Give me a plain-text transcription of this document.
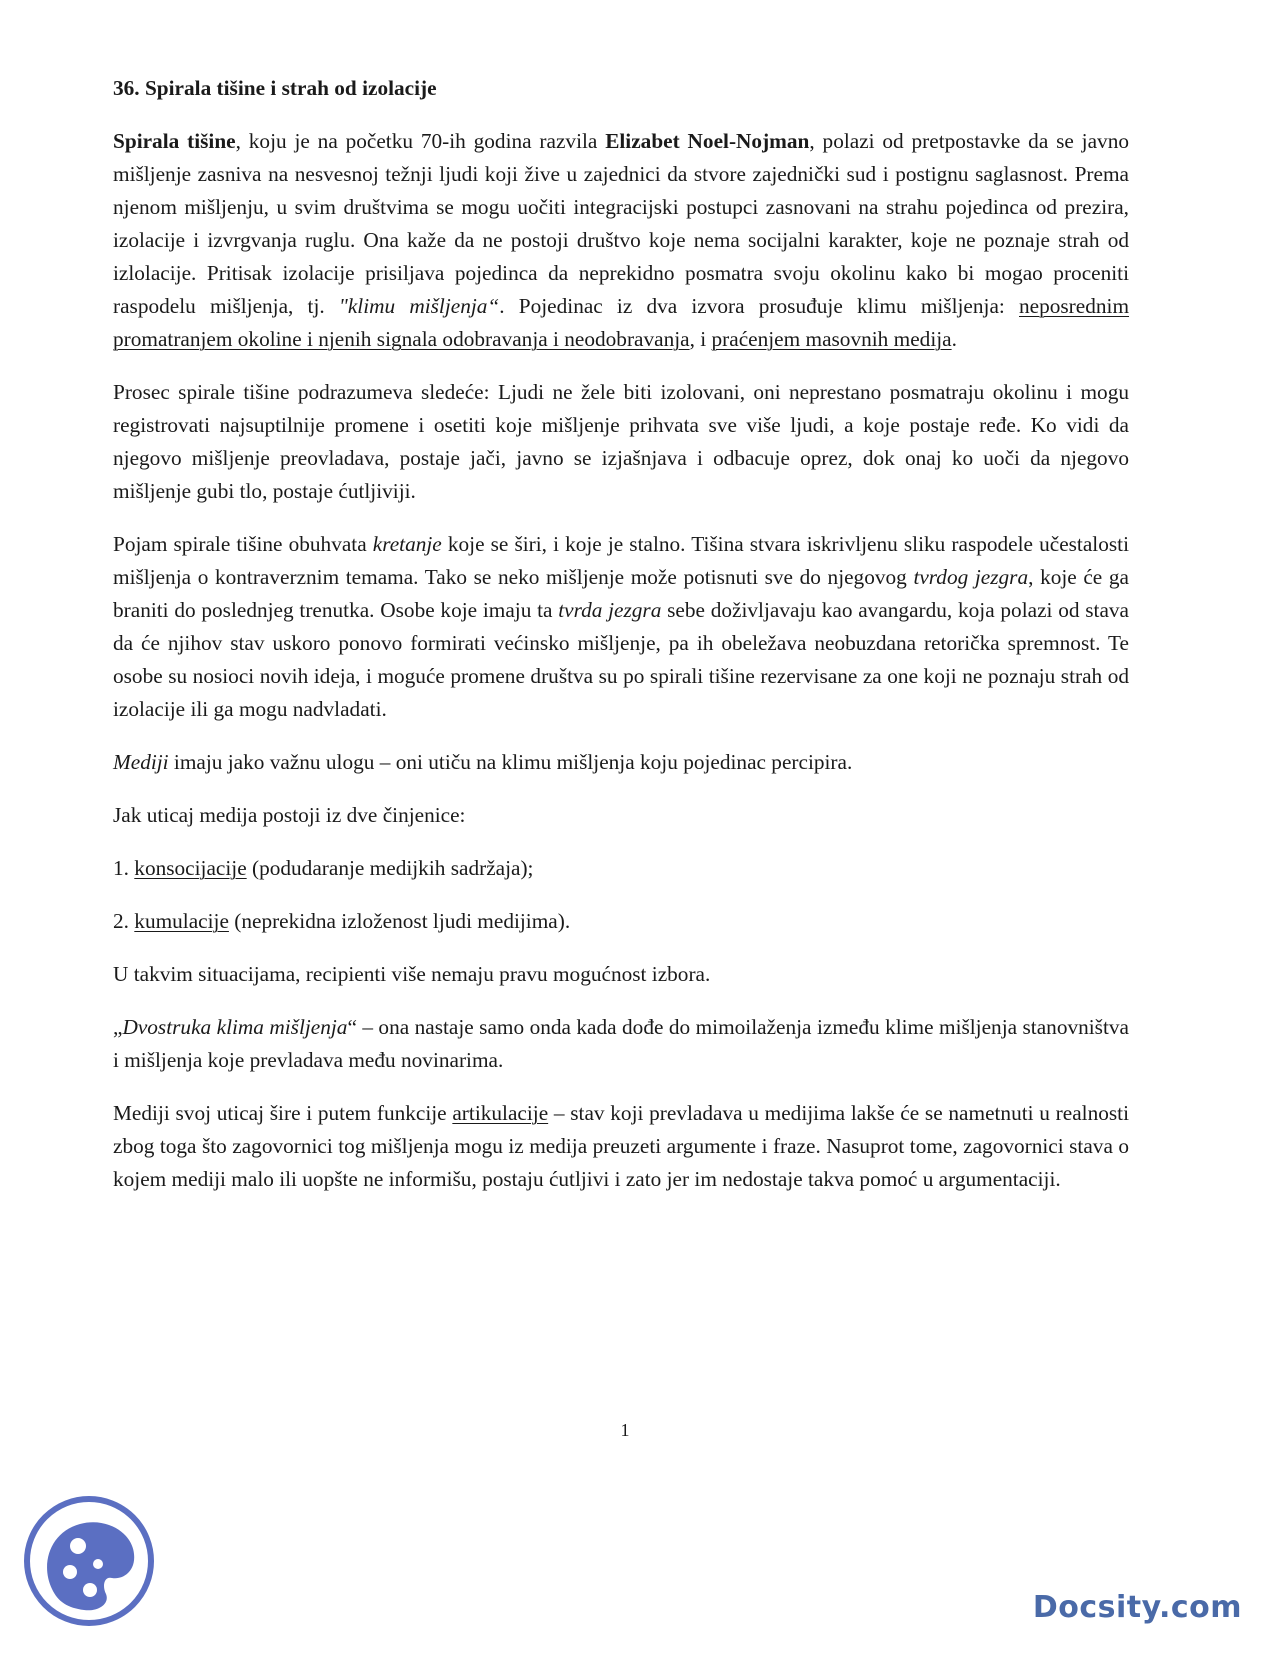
36. Spirala tišine i strah od izolacije

Spirala tišine, koju je na početku 70-ih godina razvila Elizabet Noel-Nojman, polazi od pretpostavke da se javno mišljenje zasniva na nesvesnoj težnji ljudi koji žive u zajednici da stvore zajednički sud i postignu saglasnost. Prema njenom mišljenju, u svim društvima se mogu uočiti integracijski postupci zasnovani na strahu pojedinca od prezira, izolacije i izvrgvanja ruglu. Ona kaže da ne postoji društvo koje nema socijalni karakter, koje ne poznaje strah od izlolacije. Pritisak izolacije prisiljava pojedinca da neprekidno posmatra svoju okolinu kako bi mogao proceniti raspodelu mišljenja, tj. "klimu mišljenja“. Pojedinac iz dva izvora prosuđuje klimu mišljenja: neposrednim promatranjem okoline i njenih signala odobravanja i neodobravanja, i praćenjem masovnih medija.

Prosec spirale tišine podrazumeva sledeće: Ljudi ne žele biti izolovani, oni neprestano posmatraju okolinu i mogu registrovati najsuptilnije promene i osetiti koje mišljenje prihvata sve više ljudi, a koje postaje ređe. Ko vidi da njegovo mišljenje preovladava, postaje jači, javno se izjašnjava i odbacuje oprez, dok onaj ko uoči da njegovo mišljenje gubi tlo, postaje ćutljiviji.

Pojam spirale tišine obuhvata kretanje koje se širi, i koje je stalno. Tišina stvara iskrivljenu sliku raspodele učestalosti mišljenja o kontraverznim temama. Tako se neko mišljenje može potisnuti sve do njegovog tvrdog jezgra, koje će ga braniti do poslednjeg trenutka. Osobe koje imaju ta tvrda jezgra sebe doživljavaju kao avangardu, koja polazi od stava da će njihov stav uskoro ponovo formirati većinsko mišljenje, pa ih obeležava neobuzdana retorička spremnost. Te osobe su nosioci novih ideja, i moguće promene društva su po spirali tišine rezervisane za one koji ne poznaju strah od izolacije ili ga mogu nadvladati.

Mediji imaju jako važnu ulogu – oni utiču na klimu mišljenja koju pojedinac percipira.

Jak uticaj medija postoji iz dve činjenice:

1. konsocijacije (podudaranje medijkih sadržaja);

2. kumulacije (neprekidna izloženost ljudi medijima).

U takvim situacijama, recipienti više nemaju pravu mogućnost izbora.

„Dvostruka klima mišljenja“ – ona nastaje samo onda kada dođe do mimoilaženja između klime mišljenja stanovništva i mišljenja koje prevladava među novinarima.

Mediji svoj uticaj šire i putem funkcije artikulacije – stav koji prevladava u medijima lakše će se nametnuti u realnosti zbog toga što zagovornici tog mišljenja mogu iz medija preuzeti argumente i fraze. Nasuprot tome, zagovornici stava o kojem mediji malo ili uopšte ne informišu, postaju ćutljivi i zato jer im nedostaje takva pomoć u argumentaciji.

1
Docsity.com
